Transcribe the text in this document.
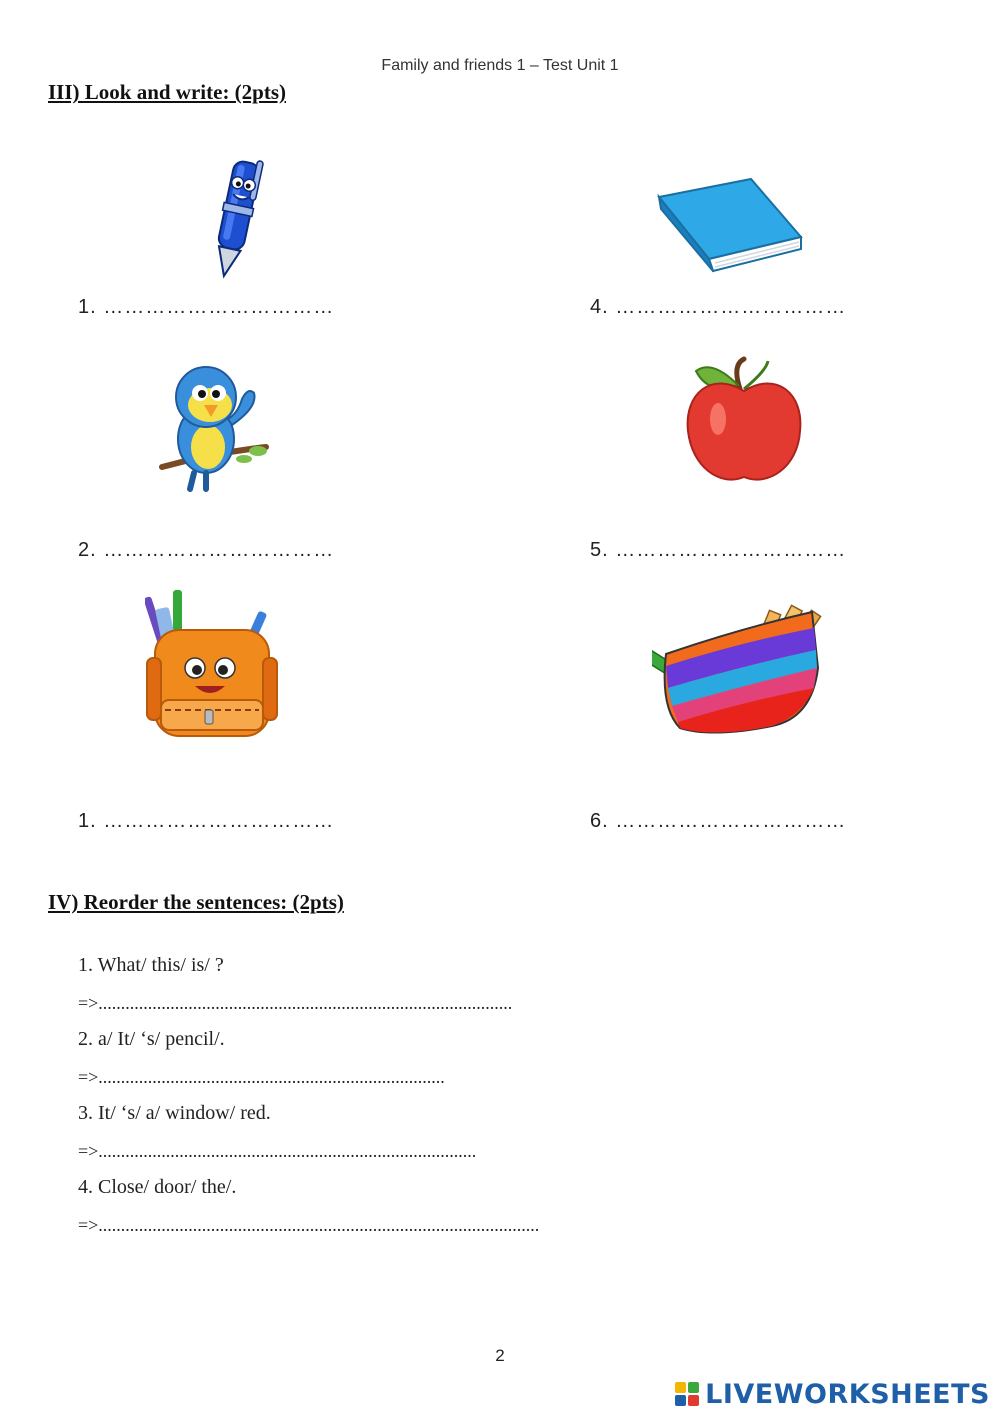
Family and friends 1 – Test Unit 1
III) Look and write: (2pts)
1. ……………………………	4. ……………………………
2. ……………………………	5. ……………………………
1. ……………………………	6. ……………………………
IV) Reorder the sentences: (2pts)
1. What/ this/ is/ ?
=>............................................................................................
2. a/ It/ ‘s/ pencil/.
=>.............................................................................
3. It/ ‘s/ a/ window/ red.
=>....................................................................................
4. Close/ door/ the/.
=>..................................................................................................
2
LIVEWORKSHEETS
